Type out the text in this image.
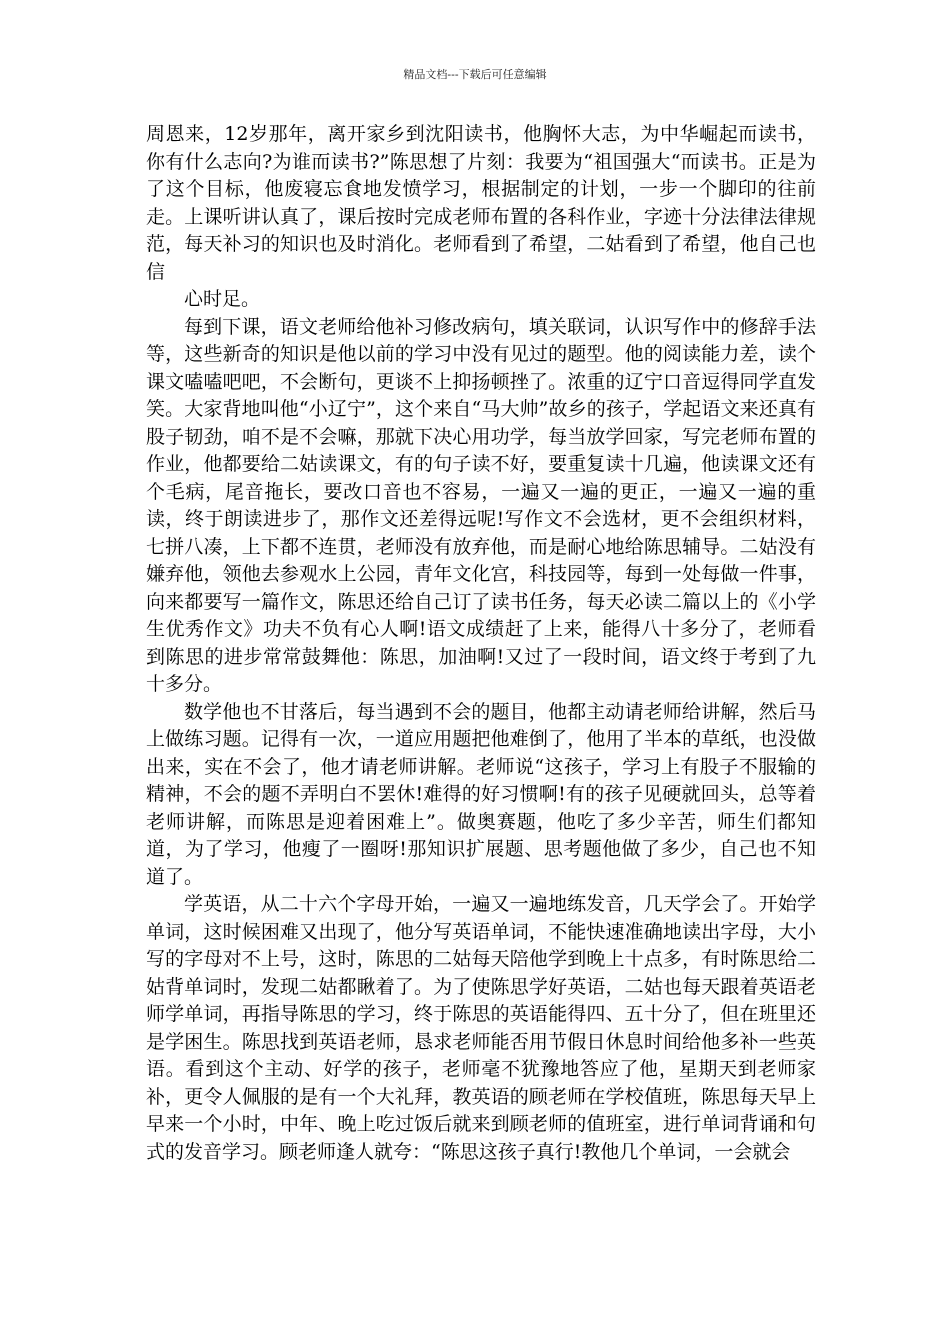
精品文档---下载后可任意编辑

周恩来，12岁那年，离开家乡到沈阳读书，他胸怀大志，为中华崛起而读书，你有什么志向?为谁而读书?”陈思想了片刻：我要为“祖国强大“而读书。正是为了这个目标，他废寝忘食地发愤学习，根据制定的计划，一步一个脚印的往前走。上课听讲认真了，课后按时完成老师布置的各科作业，字迹十分法律法律规范，每天补习的知识也及时消化。老师看到了希望，二姑看到了希望，他自己也信

心时足。

每到下课，语文老师给他补习修改病句，填关联词，认识写作中的修辞手法等，这些新奇的知识是他以前的学习中没有见过的题型。他的阅读能力差，读个课文嗑嗑吧吧，不会断句，更谈不上抑扬顿挫了。浓重的辽宁口音逗得同学直发笑。大家背地叫他“小辽宁”，这个来自“马大帅”故乡的孩子，学起语文来还真有股子韧劲，咱不是不会嘛，那就下决心用功学，每当放学回家，写完老师布置的作业，他都要给二姑读课文，有的句子读不好，要重复读十几遍，他读课文还有个毛病，尾音拖长，要改口音也不容易，一遍又一遍的更正，一遍又一遍的重读，终于朗读进步了，那作文还差得远呢!写作文不会选材，更不会组织材料，七拼八凑，上下都不连贯，老师没有放弃他，而是耐心地给陈思辅导。二姑没有嫌弃他，领他去参观水上公园，青年文化宫，科技园等，每到一处每做一件事，向来都要写一篇作文，陈思还给自己订了读书任务，每天必读二篇以上的《小学生优秀作文》功夫不负有心人啊!语文成绩赶了上来，能得八十多分了，老师看到陈思的进步常常鼓舞他：陈思，加油啊!又过了一段时间，语文终于考到了九十多分。

数学他也不甘落后，每当遇到不会的题目，他都主动请老师给讲解，然后马上做练习题。记得有一次，一道应用题把他难倒了，他用了半本的草纸，也没做出来，实在不会了，他才请老师讲解。老师说“这孩子，学习上有股子不服输的精神，不会的题不弄明白不罢休!难得的好习惯啊!有的孩子见硬就回头，总等着老师讲解，而陈思是迎着困难上”。做奥赛题，他吃了多少辛苦，师生们都知道，为了学习，他瘦了一圈呀!那知识扩展题、思考题他做了多少，自己也不知道了。

学英语，从二十六个字母开始，一遍又一遍地练发音，几天学会了。开始学单词，这时候困难又出现了，他分写英语单词，不能快速准确地读出字母，大小写的字母对不上号，这时，陈思的二姑每天陪他学到晚上十点多，有时陈思给二姑背单词时，发现二姑都瞅着了。为了使陈思学好英语，二姑也每天跟着英语老师学单词，再指导陈思的学习，终于陈思的英语能得四、五十分了，但在班里还是学困生。陈思找到英语老师，恳求老师能否用节假日休息时间给他多补一些英语。看到这个主动、好学的孩子，老师毫不犹豫地答应了他，星期天到老师家补，更令人佩服的是有一个大礼拜，教英语的顾老师在学校值班，陈思每天早上早来一个小时，中年、晚上吃过饭后就来到顾老师的值班室，进行单词背诵和句式的发音学习。顾老师逢人就夸：“陈思这孩子真行!教他几个单词，一会就会
